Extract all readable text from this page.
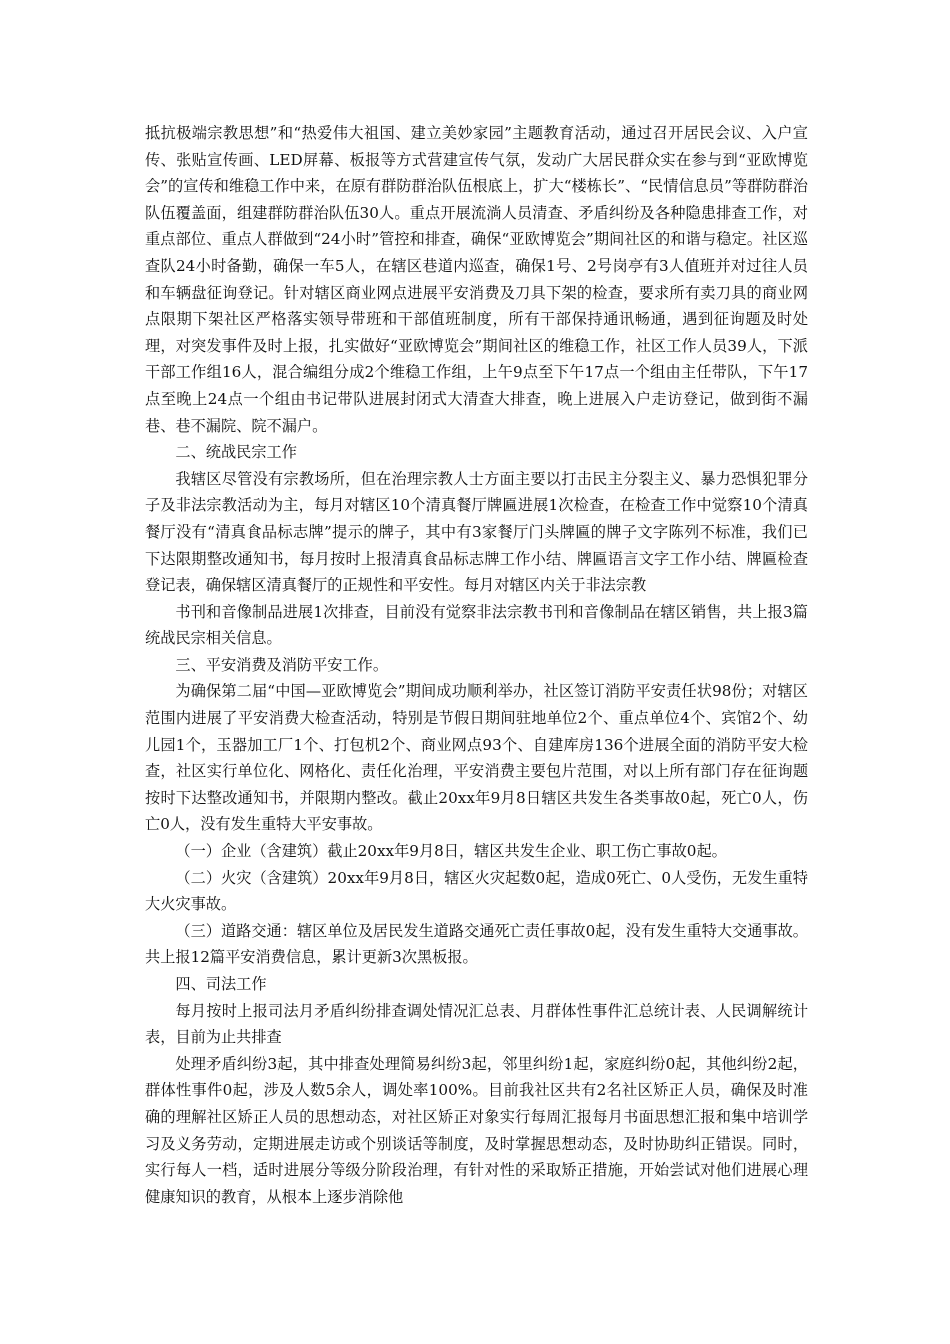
抵抗极端宗教思想”和“热爱伟大祖国、建立美妙家园”主题教育活动，通过召开居民会议、入户宣传、张贴宣传画、LED屏幕、板报等方式营建宣传气氛，发动广大居民群众实在参与到“亚欧博览会”的宣传和维稳工作中来，在原有群防群治队伍根底上，扩大“楼栋长”、“民情信息员”等群防群治队伍覆盖面，组建群防群治队伍30人。重点开展流淌人员清查、矛盾纠纷及各种隐患排查工作，对重点部位、重点人群做到“24小时”管控和排查，确保“亚欧博览会”期间社区的和谐与稳定。社区巡查队24小时备勤，确保一车5人，在辖区巷道内巡查，确保1号、2号岗亭有3人值班并对过往人员和车辆盘征询登记。针对辖区商业网点进展平安消费及刀具下架的检查，要求所有卖刀具的商业网点限期下架社区严格落实领导带班和干部值班制度，所有干部保持通讯畅通，遇到征询题及时处理，对突发事件及时上报，扎实做好“亚欧博览会”期间社区的维稳工作，社区工作人员39人，下派干部工作组16人，混合编组分成2个维稳工作组，上午9点至下午17点一个组由主任带队，下午17点至晚上24点一个组由书记带队进展封闭式大清查大排查，晚上进展入户走访登记，做到街不漏巷、巷不漏院、院不漏户。

二、统战民宗工作

我辖区尽管没有宗教场所，但在治理宗教人士方面主要以打击民主分裂主义、暴力恐惧犯罪分子及非法宗教活动为主，每月对辖区10个清真餐厅牌匾进展1次检查，在检查工作中觉察10个清真餐厅没有“清真食品标志牌”提示的牌子，其中有3家餐厅门头牌匾的牌子文字陈列不标准，我们已下达限期整改通知书，每月按时上报清真食品标志牌工作小结、牌匾语言文字工作小结、牌匾检查登记表，确保辖区清真餐厅的正规性和平安性。每月对辖区内关于非法宗教

书刊和音像制品进展1次排查，目前没有觉察非法宗教书刊和音像制品在辖区销售，共上报3篇统战民宗相关信息。

三、平安消费及消防平安工作。

为确保第二届“中国—亚欧博览会”期间成功顺利举办，社区签订消防平安责任状98份；对辖区范围内进展了平安消费大检查活动，特别是节假日期间驻地单位2个、重点单位4个、宾馆2个、幼儿园1个，玉器加工厂1个、打包机2个、商业网点93个、自建库房136个进展全面的消防平安大检查，社区实行单位化、网格化、责任化治理，平安消费主要包片范围，对以上所有部门存在征询题按时下达整改通知书，并限期内整改。截止20xx年9月8日辖区共发生各类事故0起，死亡0人，伤亡0人，没有发生重特大平安事故。

（一）企业（含建筑）截止20xx年9月8日，辖区共发生企业、职工伤亡事故0起。

（二）火灾（含建筑）20xx年9月8日，辖区火灾起数0起，造成0死亡、0人受伤，无发生重特大火灾事故。

（三）道路交通：辖区单位及居民发生道路交通死亡责任事故0起，没有发生重特大交通事故。共上报12篇平安消费信息，累计更新3次黑板报。

四、司法工作

每月按时上报司法月矛盾纠纷排查调处情况汇总表、月群体性事件汇总统计表、人民调解统计表，目前为止共排查

处理矛盾纠纷3起，其中排查处理简易纠纷3起，邻里纠纷1起，家庭纠纷0起，其他纠纷2起，群体性事件0起，涉及人数5余人，调处率100%。目前我社区共有2名社区矫正人员，确保及时准确的理解社区矫正人员的思想动态，对社区矫正对象实行每周汇报每月书面思想汇报和集中培训学习及义务劳动，定期进展走访或个别谈话等制度，及时掌握思想动态，及时协助纠正错误。同时，实行每人一档，适时进展分等级分阶段治理，有针对性的采取矫正措施，开始尝试对他们进展心理健康知识的教育，从根本上逐步消除他
